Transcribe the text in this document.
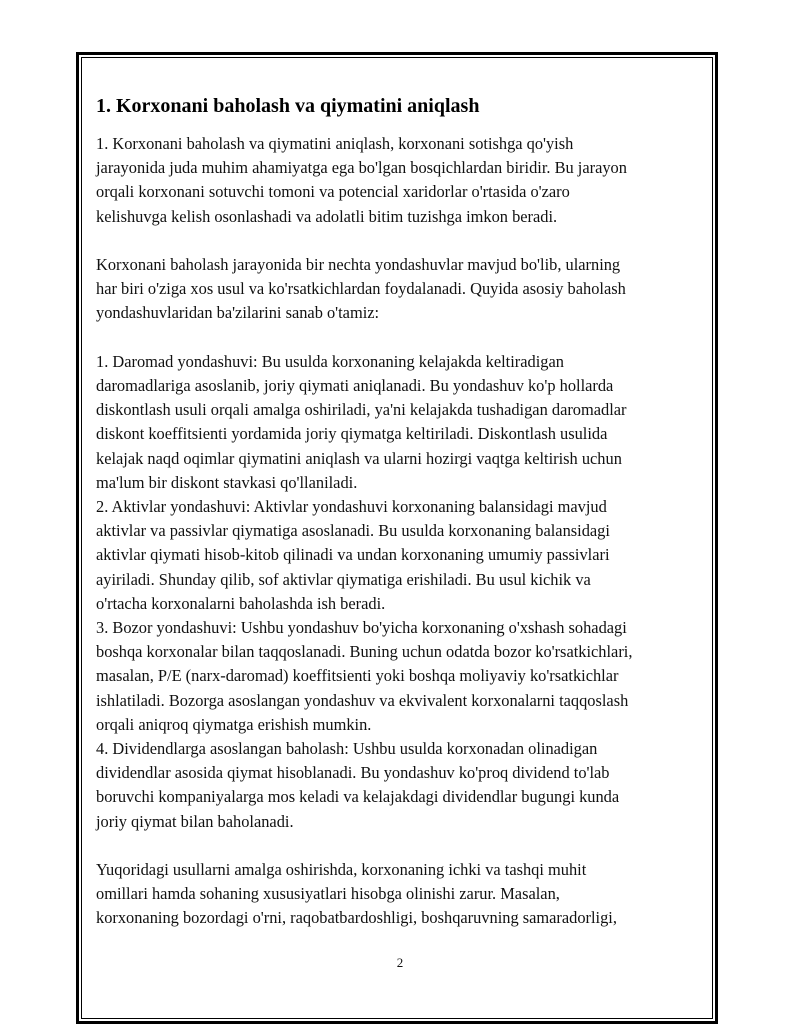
1. Korxonani baholash va qiymatini aniqlash

1. Korxonani baholash va qiymatini aniqlash, korxonani sotishga qo'yish
jarayonida juda muhim ahamiyatga ega bo'lgan bosqichlardan biridir. Bu jarayon
orqali korxonani sotuvchi tomoni va potencial xaridorlar o'rtasida o'zaro
kelishuvga kelish osonlashadi va adolatli bitim tuzishga imkon beradi.

Korxonani baholash jarayonida bir nechta yondashuvlar mavjud bo'lib, ularning
har biri o'ziga xos usul va ko'rsatkichlardan foydalanadi. Quyida asosiy baholash
yondashuvlaridan ba'zilarini sanab o'tamiz:

1. Daromad yondashuvi: Bu usulda korxonaning kelajakda keltiradigan
daromadlariga asoslanib, joriy qiymati aniqlanadi. Bu yondashuv ko'p hollarda
diskontlash usuli orqali amalga oshiriladi, ya'ni kelajakda tushadigan daromadlar
diskont koeffitsienti yordamida joriy qiymatga keltiriladi. Diskontlash usulida
kelajak naqd oqimlar qiymatini aniqlash va ularni hozirgi vaqtga keltirish uchun
ma'lum bir diskont stavkasi qo'llaniladi.
2. Aktivlar yondashuvi: Aktivlar yondashuvi korxonaning balansidagi mavjud
aktivlar va passivlar qiymatiga asoslanadi. Bu usulda korxonaning balansidagi
aktivlar qiymati hisob-kitob qilinadi va undan korxonaning umumiy passivlari
ayiriladi. Shunday qilib, sof aktivlar qiymatiga erishiladi. Bu usul kichik va
o'rtacha korxonalarni baholashda ish beradi.
3. Bozor yondashuvi: Ushbu yondashuv bo'yicha korxonaning o'xshash sohadagi
boshqa korxonalar bilan taqqoslanadi. Buning uchun odatda bozor ko'rsatkichlari,
masalan, P/E (narx-daromad) koeffitsienti yoki boshqa moliyaviy ko'rsatkichlar
ishlatiladi. Bozorga asoslangan yondashuv va ekvivalent korxonalarni taqqoslash
orqali aniqroq qiymatga erishish mumkin.
4. Dividendlarga asoslangan baholash: Ushbu usulda korxonadan olinadigan
dividendlar asosida qiymat hisoblanadi. Bu yondashuv ko'proq dividend to'lab
boruvchi kompaniyalarga mos keladi va kelajakdagi dividendlar bugungi kunda
joriy qiymat bilan baholanadi.

Yuqoridagi usullarni amalga oshirishda, korxonaning ichki va tashqi muhit
omillari hamda sohaning xususiyatlari hisobga olinishi zarur. Masalan,
korxonaning bozordagi o'rni, raqobatbardoshligi, boshqaruvning samaradorligi,

2
